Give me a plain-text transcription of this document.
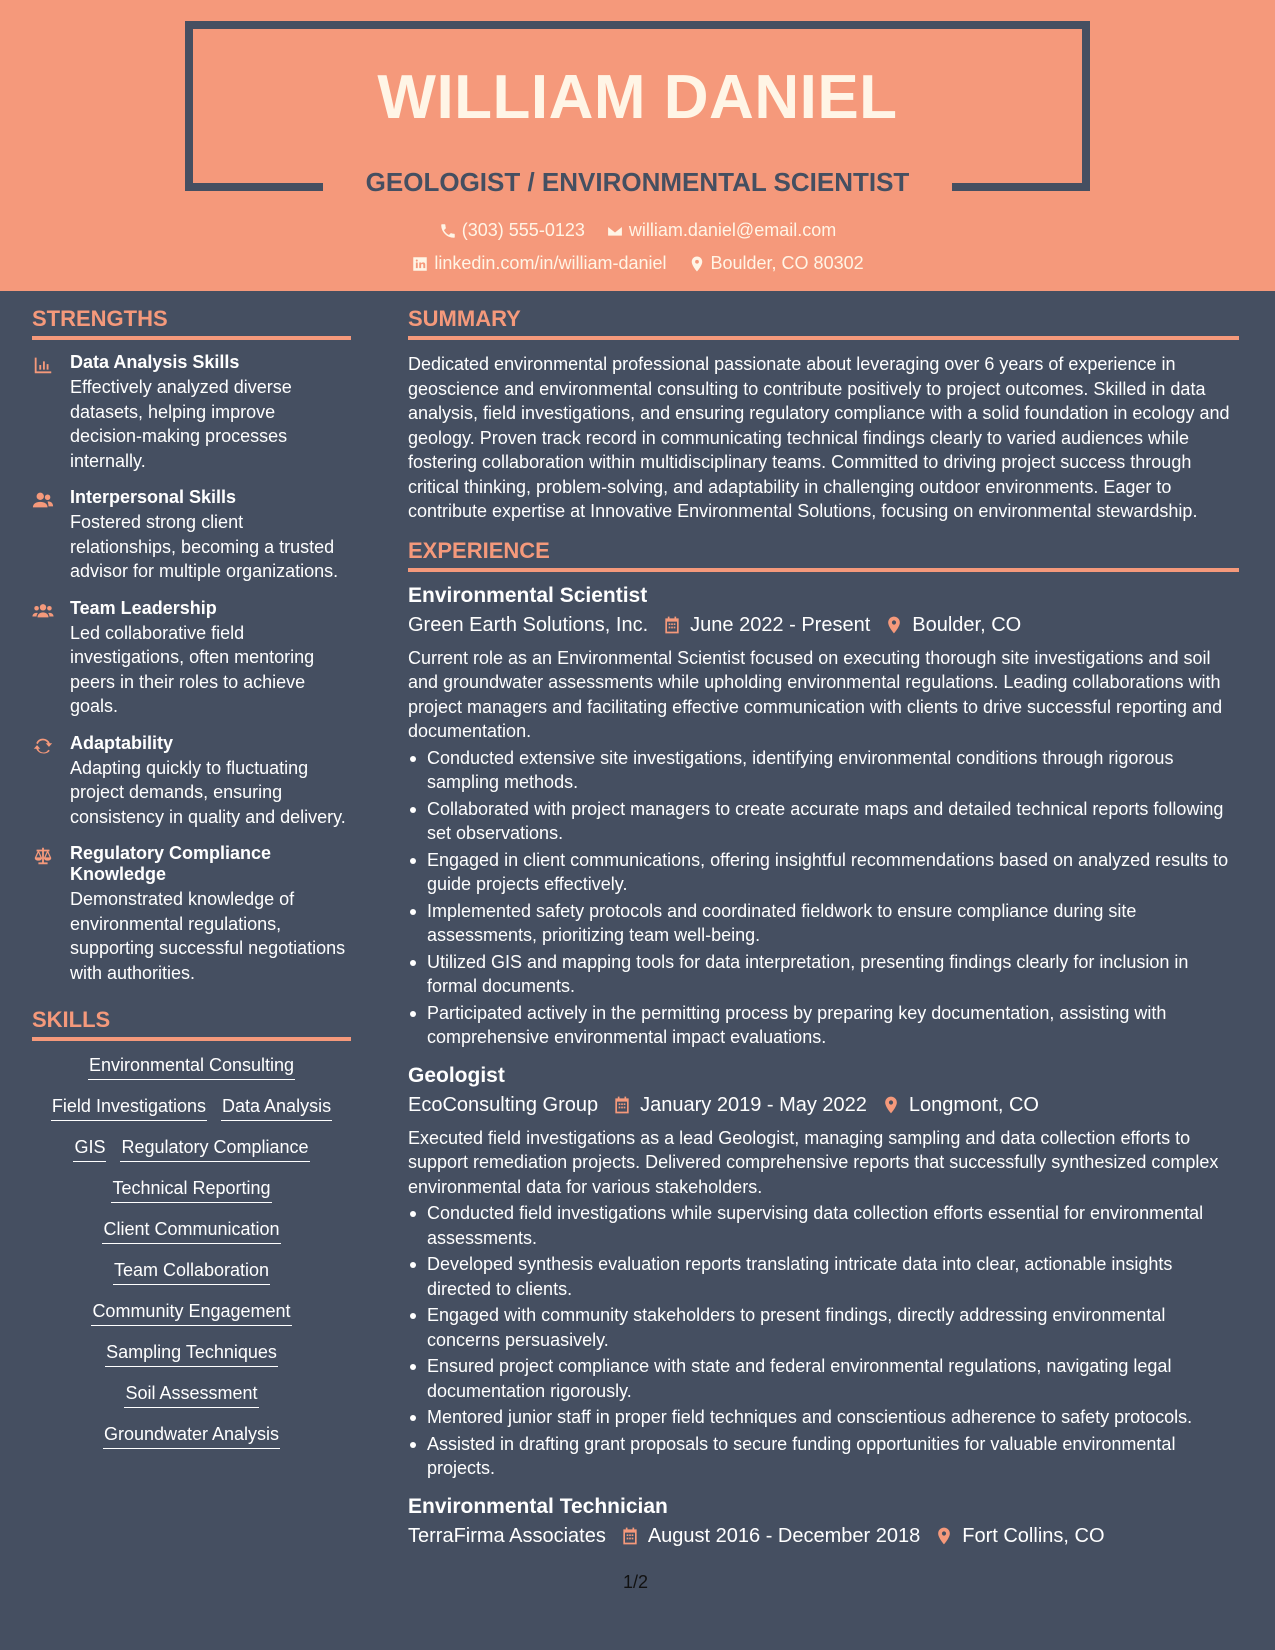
WILLIAM DANIEL
GEOLOGIST / ENVIRONMENTAL SCIENTIST
(303) 555-0123
william.daniel@email.com
linkedin.com/in/william-daniel
Boulder, CO 80302
STRENGTHS
Data Analysis Skills
Effectively analyzed diverse datasets, helping improve decision-making processes internally.
Interpersonal Skills
Fostered strong client relationships, becoming a trusted advisor for multiple organizations.
Team Leadership
Led collaborative field investigations, often mentoring peers in their roles to achieve goals.
Adaptability
Adapting quickly to fluctuating project demands, ensuring consistency in quality and delivery.
Regulatory Compliance Knowledge
Demonstrated knowledge of environmental regulations, supporting successful negotiations with authorities.
SKILLS
Environmental Consulting
Field Investigations Data Analysis
GIS Regulatory Compliance
Technical Reporting
Client Communication
Team Collaboration
Community Engagement
Sampling Techniques
Soil Assessment
Groundwater Analysis
SUMMARY
Dedicated environmental professional passionate about leveraging over 6 years of experience in geoscience and environmental consulting to contribute positively to project outcomes. Skilled in data analysis, field investigations, and ensuring regulatory compliance with a solid foundation in ecology and geology. Proven track record in communicating technical findings clearly to varied audiences while fostering collaboration within multidisciplinary teams. Committed to driving project success through critical thinking, problem-solving, and adaptability in challenging outdoor environments. Eager to contribute expertise at Innovative Environmental Solutions, focusing on environmental stewardship.
EXPERIENCE
Environmental Scientist
Green Earth Solutions, Inc. June 2022 - Present Boulder, CO
Current role as an Environmental Scientist focused on executing thorough site investigations and soil and groundwater assessments while upholding environmental regulations. Leading collaborations with project managers and facilitating effective communication with clients to drive successful reporting and documentation.
Conducted extensive site investigations, identifying environmental conditions through rigorous sampling methods.
Collaborated with project managers to create accurate maps and detailed technical reports following set observations.
Engaged in client communications, offering insightful recommendations based on analyzed results to guide projects effectively.
Implemented safety protocols and coordinated fieldwork to ensure compliance during site assessments, prioritizing team well-being.
Utilized GIS and mapping tools for data interpretation, presenting findings clearly for inclusion in formal documents.
Participated actively in the permitting process by preparing key documentation, assisting with comprehensive environmental impact evaluations.
Geologist
EcoConsulting Group January 2019 - May 2022 Longmont, CO
Executed field investigations as a lead Geologist, managing sampling and data collection efforts to support remediation projects. Delivered comprehensive reports that successfully synthesized complex environmental data for various stakeholders.
Conducted field investigations while supervising data collection efforts essential for environmental assessments.
Developed synthesis evaluation reports translating intricate data into clear, actionable insights directed to clients.
Engaged with community stakeholders to present findings, directly addressing environmental concerns persuasively.
Ensured project compliance with state and federal environmental regulations, navigating legal documentation rigorously.
Mentored junior staff in proper field techniques and conscientious adherence to safety protocols.
Assisted in drafting grant proposals to secure funding opportunities for valuable environmental projects.
Environmental Technician
TerraFirma Associates August 2016 - December 2018 Fort Collins, CO
1/2
